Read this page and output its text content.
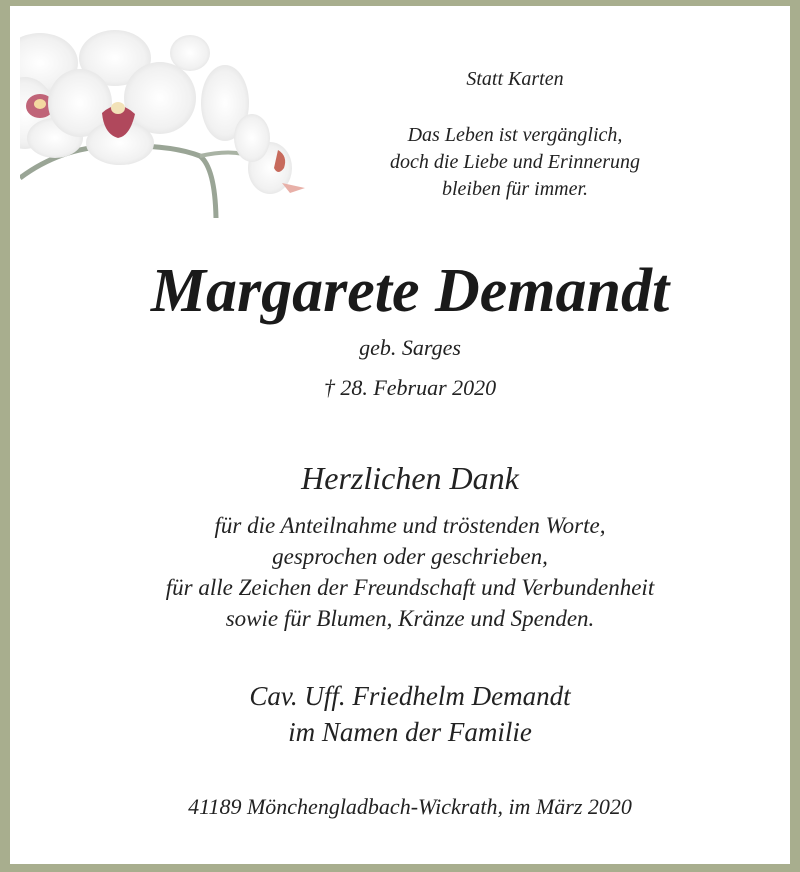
Statt Karten
Das Leben ist vergänglich,
doch die Liebe und Erinnerung
bleiben für immer.
Margarete Demandt
geb. Sarges
† 28. Februar 2020
Herzlichen Dank
für die Anteilnahme und tröstenden Worte,
gesprochen oder geschrieben,
für alle Zeichen der Freundschaft und Verbundenheit
sowie für Blumen, Kränze und Spenden.
Cav. Uff. Friedhelm Demandt
im Namen der Familie
41189 Mönchengladbach-Wickrath, im März 2020
